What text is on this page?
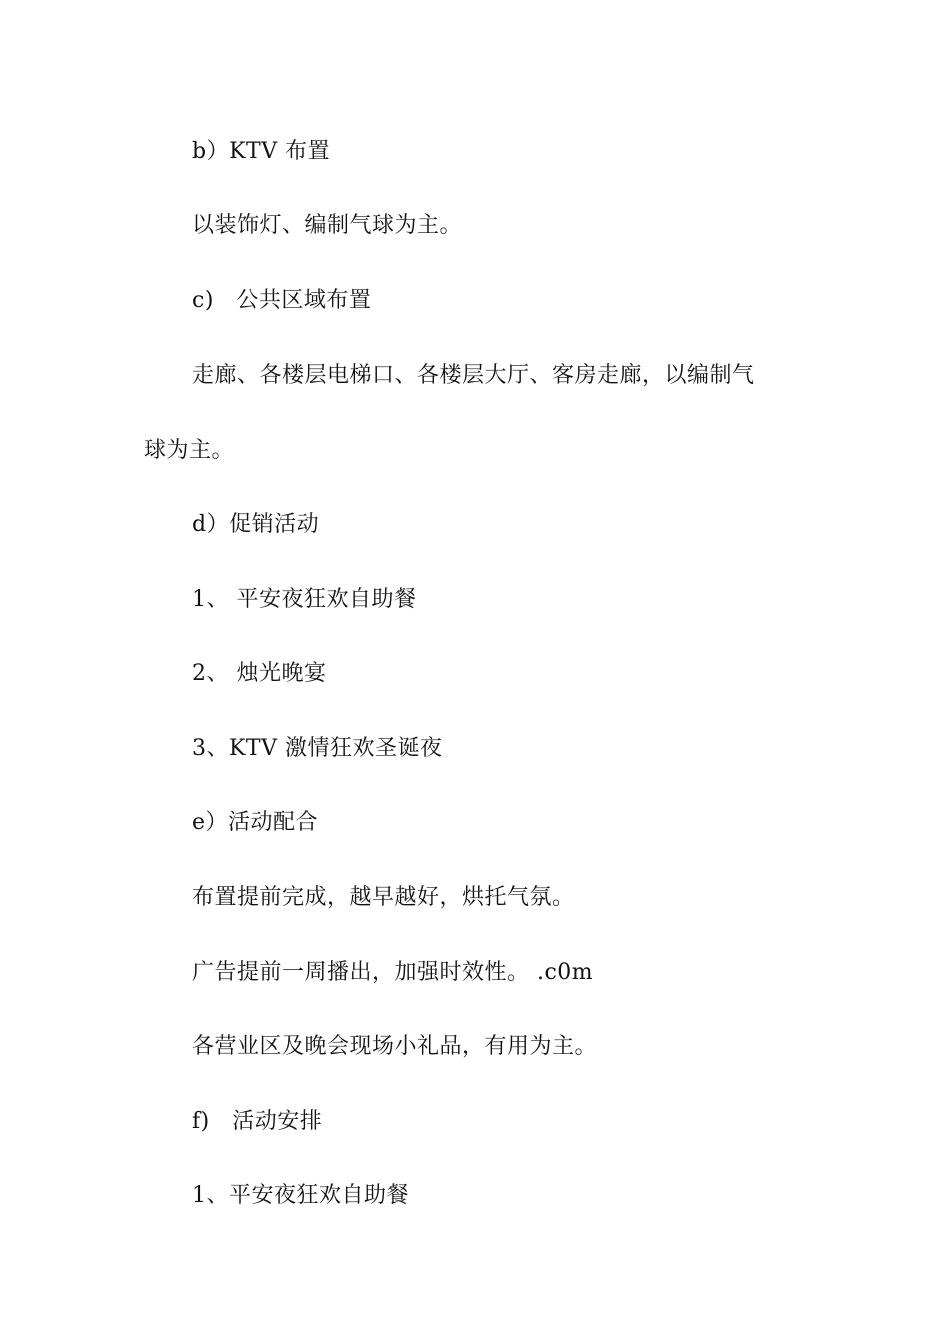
b）KTV 布置
以装饰灯、编制气球为主。
c)　公共区域布置
走廊、各楼层电梯口、各楼层大厅、客房走廊，以编制气
球为主。
d）促销活动
1、 平安夜狂欢自助餐
2、 烛光晚宴
3、KTV 激情狂欢圣诞夜
e）活动配合
布置提前完成，越早越好，烘托气氛。
广告提前一周播出，加强时效性。 .c0m
各营业区及晚会现场小礼品，有用为主。
f)　活动安排
1、平安夜狂欢自助餐
